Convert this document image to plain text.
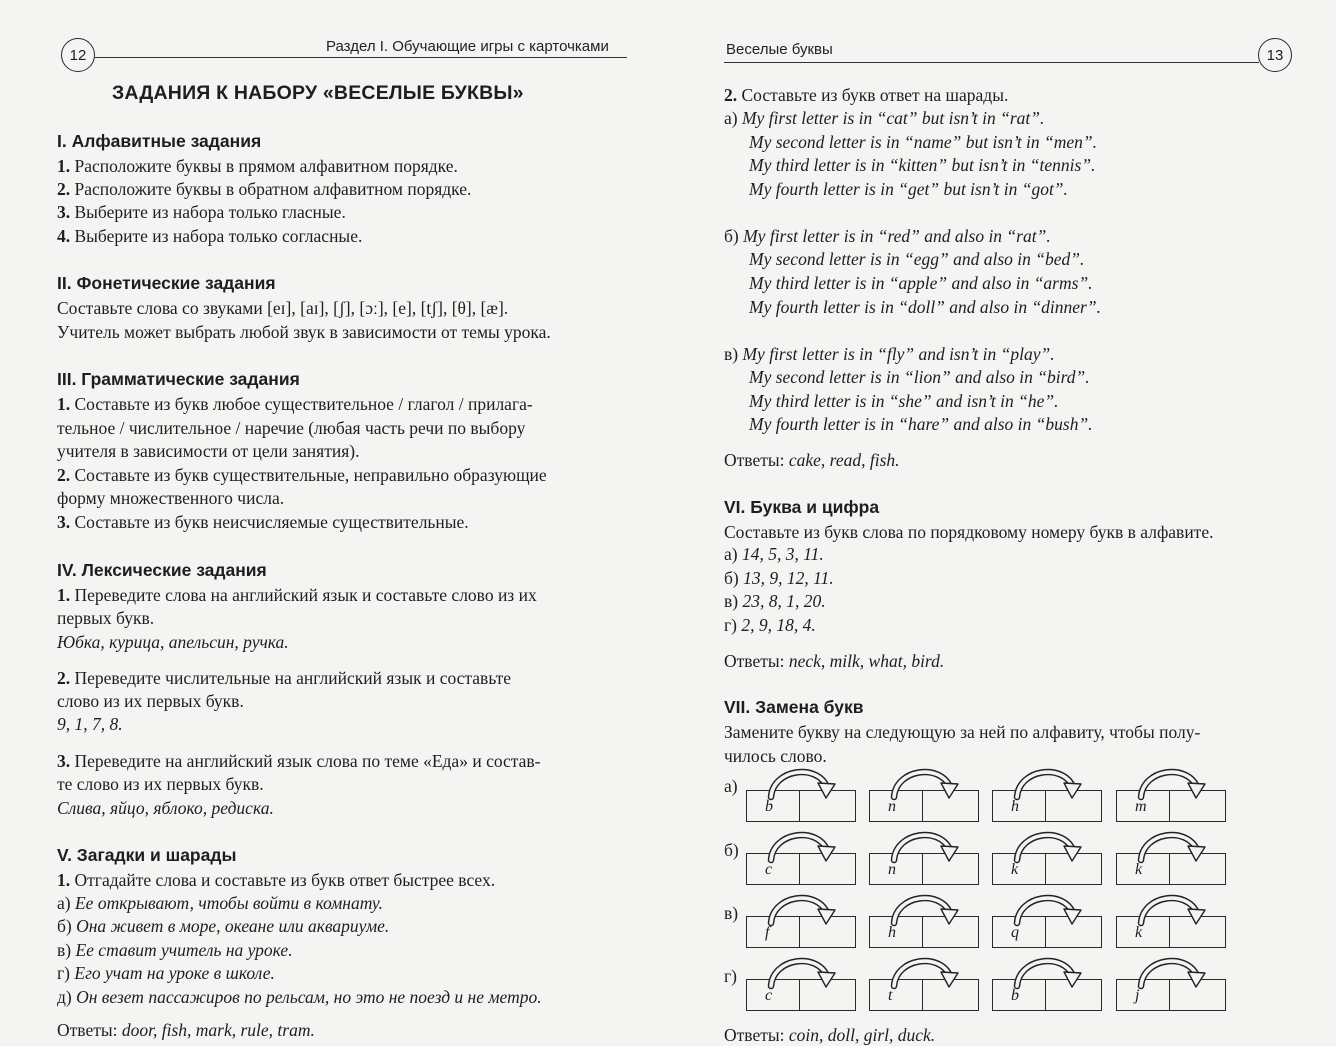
12	Раздел I. Обучающие игры с карточками
ЗАДАНИЯ К НАБОРУ «ВЕСЕЛЫЕ БУКВЫ»
I. Алфавитные задания
1. Расположите буквы в прямом алфавитном порядке.
2. Расположите буквы в обратном алфавитном порядке.
3. Выберите из набора только гласные.
4. Выберите из набора только согласные.
II. Фонетические задания
Составьте слова со звуками [eɪ], [aɪ], [ʃ], [ɔː], [e], [tʃ], [θ], [æ].
Учитель может выбрать любой звук в зависимости от темы урока.
III. Грамматические задания
1. Составьте из букв любое существительное / глагол / прилага-
тельное / числительное / наречие (любая часть речи по выбору
учителя в зависимости от цели занятия).
2. Составьте из букв существительные, неправильно образующие
форму множественного числа.
3. Составьте из букв неисчисляемые существительные.
IV. Лексические задания
1. Переведите слова на английский язык и составьте слово из их
первых букв.
Юбка, курица, апельсин, ручка.
2. Переведите числительные на английский язык и составьте
слово из их первых букв.
9, 1, 7, 8.
3. Переведите на английский язык слова по теме «Еда» и состав-
те слово из их первых букв.
Слива, яйцо, яблоко, редиска.
V. Загадки и шарады
1. Отгадайте слова и составьте из букв ответ быстрее всех.
а) Ее открывают, чтобы войти в комнату.
б) Она живет в море, океане или аквариуме.
в) Ее ставит учитель на уроке.
г) Его учат на уроке в школе.
д) Он везет пассажиров по рельсам, но это не поезд и не метро.
Ответы: door, fish, mark, rule, tram.
Веселые буквы	13
2. Составьте из букв ответ на шарады.
а) My first letter is in “cat” but isn’t in “rat”.
My second letter is in “name” but isn’t in “men”.
My third letter is in “kitten” but isn’t in “tennis”.
My fourth letter is in “get” but isn’t in “got”.
б) My first letter is in “red” and also in “rat”.
My second letter is in “egg” and also in “bed”.
My third letter is in “apple” and also in “arms”.
My fourth letter is in “doll” and also in “dinner”.
в) My first letter is in “fly” and isn’t in “play”.
My second letter is in “lion” and also in “bird”.
My third letter is in “she” and isn’t in “he”.
My fourth letter is in “hare” and also in “bush”.
Ответы: cake, read, fish.
VI. Буква и цифра
Составьте из букв слова по порядковому номеру букв в алфавите.
а) 14, 5, 3, 11.
б) 13, 9, 12, 11.
в) 23, 8, 1, 20.
г) 2, 9, 18, 4.
Ответы: neck, milk, what, bird.
VII. Замена букв
Замените букву на следующую за ней по алфавиту, чтобы полу-
чилось слово.
а)
b	n	h	m
б)
c	n	k	k
в)
f	h	q	k
г)
c	t	b	j
Ответы: coin, doll, girl, duck.
